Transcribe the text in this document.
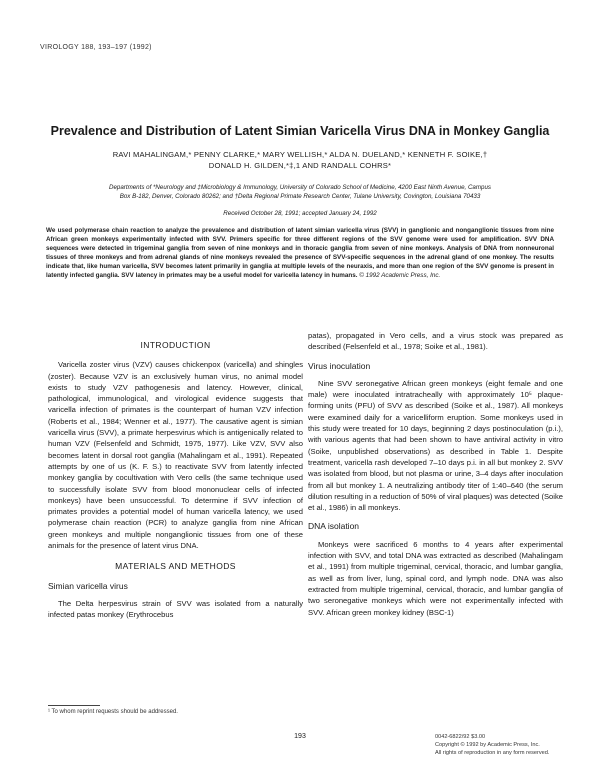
VIROLOGY 188, 193–197 (1992)
Prevalence and Distribution of Latent Simian Varicella Virus DNA in Monkey Ganglia
RAVI MAHALINGAM,* PENNY CLARKE,* MARY WELLISH,* ALDA N. DUELAND,* KENNETH F. SOIKE,†
DONALD H. GILDEN,*‡,1 AND RANDALL COHRS*
Departments of *Neurology and ‡Microbiology & Immunology, University of Colorado School of Medicine, 4200 East Ninth Avenue, Campus
Box B-182, Denver, Colorado 80262; and †Delta Regional Primate Research Center, Tulane University, Covington, Louisiana 70433
Received October 28, 1991; accepted January 24, 1992
We used polymerase chain reaction to analyze the prevalence and distribution of latent simian varicella virus (SVV) in ganglionic and nonganglionic tissues from nine African green monkeys experimentally infected with SVV. Primers specific for three different regions of the SVV genome were used for amplification. SVV DNA sequences were detected in trigeminal ganglia from seven of nine monkeys and in thoracic ganglia from seven of nine monkeys. Analysis of DNA from nonneuronal tissues of three monkeys and from adrenal glands of nine monkeys revealed the presence of SVV-specific sequences in the adrenal gland of one monkey. The results indicate that, like human varicella, SVV becomes latent primarily in ganglia at multiple levels of the neuraxis, and more than one region of the SVV genome is present in latently infected ganglia. SVV latency in primates may be a useful model for varicella latency in humans. © 1992 Academic Press, Inc.
INTRODUCTION

Varicella zoster virus (VZV) causes chickenpox (varicella) and shingles (zoster). Because VZV is an exclusively human virus, no animal model exists to study VZV pathogenesis and latency. However, clinical, pathological, immunological, and virological evidence suggests that varicella infection of primates is the counterpart of human VZV infection (Roberts et al., 1984; Wenner et al., 1977). The causative agent is simian varicella virus (SVV), a primate herpesvirus which is antigenically related to human VZV (Felsenfeld and Schmidt, 1975, 1977). Like VZV, SVV also becomes latent in dorsal root ganglia (Mahalingam et al., 1991). Repeated attempts by one of us (K. F. S.) to reactivate SVV from latently infected monkey ganglia by cocultivation with Vero cells (the same technique used to successfully isolate SVV from blood mononuclear cells of infected monkeys) have been unsuccessful. To determine if SVV infection of primates provides a potential model of human varicella latency, we used polymerase chain reaction (PCR) to analyze ganglia from nine African green monkeys and multiple nonganglionic tissues from one of these animals for the presence of latent virus DNA.

MATERIALS AND METHODS
Simian varicella virus

The Delta herpesvirus strain of SVV was isolated from a naturally infected patas monkey (Erythrocebus

patas), propagated in Vero cells, and a virus stock was prepared as described (Felsenfeld et al., 1978; Soike et al., 1981).

Virus inoculation

Nine SVV seronegative African green monkeys (eight female and one male) were inoculated intratracheally with approximately 10⁵ plaque-forming units (PFU) of SVV as described (Soike et al., 1987). All monkeys were examined daily for a varicelliform eruption. Some monkeys used in this study were treated for 10 days, beginning 2 days postinoculation (p.i.), with various agents that had been shown to have antiviral activity in vitro (Soike, unpublished observations) as described in Table 1. Despite treatment, varicella rash developed 7–10 days p.i. in all but monkey 2. SVV was isolated from blood, but not plasma or urine, 3–4 days after inoculation from all but monkey 1. A neutralizing antibody titer of 1:40–640 (the serum dilution resulting in a reduction of 50% of viral plaques) was detected (Soike et al., 1986) in all monkeys.

DNA isolation

Monkeys were sacrificed 6 months to 4 years after experimental infection with SVV, and total DNA was extracted as described (Mahalingam et al., 1991) from multiple trigeminal, cervical, thoracic, and lumbar ganglia, as well as from liver, lung, spinal cord, and lymph node. DNA was also extracted from multiple trigeminal, cervical, thoracic, and lumbar ganglia of two seronegative monkeys which were not experimentally infected with SVV. African green monkey kidney (BSC-1)

¹ To whom reprint requests should be addressed.
193	0042-6822/92 $3.00
Copyright © 1992 by Academic Press, Inc.
All rights of reproduction in any form reserved.
